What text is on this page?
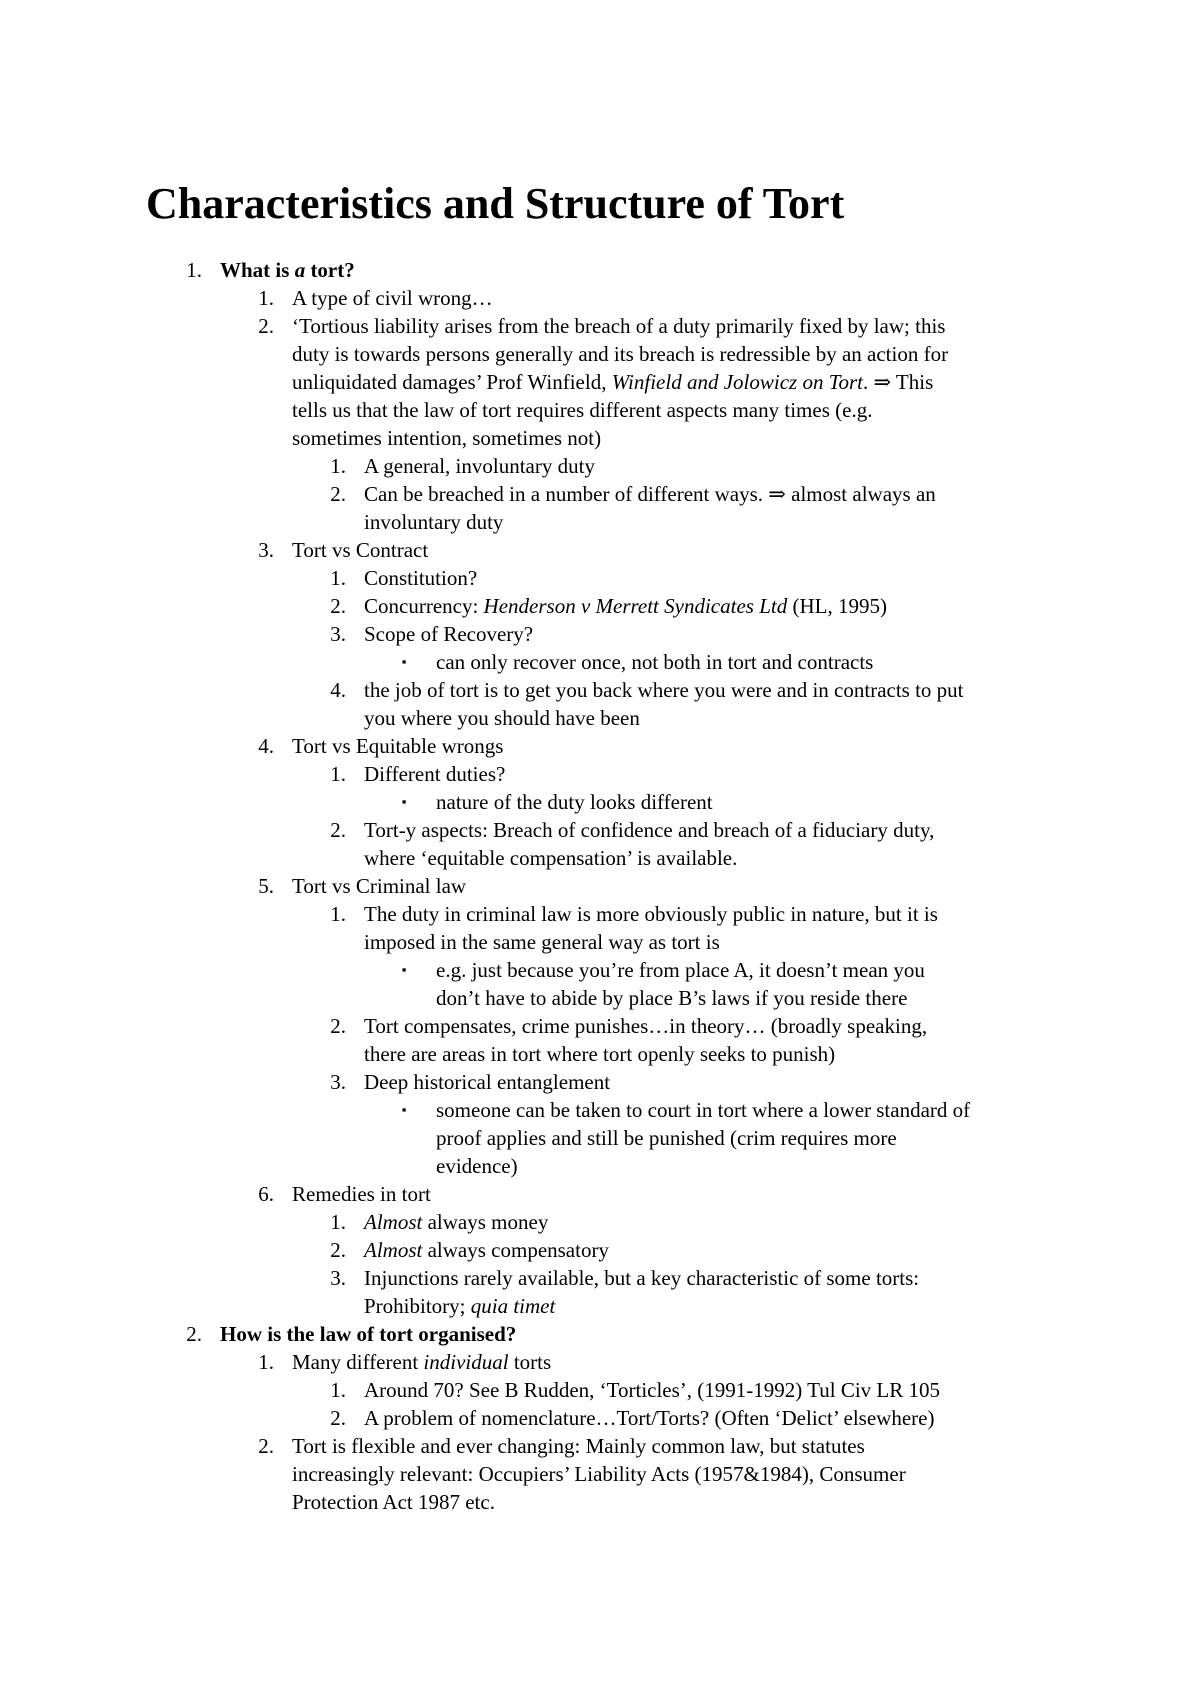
Characteristics and Structure of Tort
1. What is a tort?
1. A type of civil wrong…
2. ‘Tortious liability arises from the breach of a duty primarily fixed by law; this
duty is towards persons generally and its breach is redressible by an action for
unliquidated damages’ Prof Winfield, Winfield and Jolowicz on Tort. ⇒ This
tells us that the law of tort requires different aspects many times (e.g.
sometimes intention, sometimes not)
1. A general, involuntary duty
2. Can be breached in a number of different ways. ⇒ almost always an
involuntary duty
3. Tort vs Contract
1. Constitution?
2. Concurrency: Henderson v Merrett Syndicates Ltd (HL, 1995)
3. Scope of Recovery?
▪	can only recover once, not both in tort and contracts
4. the job of tort is to get you back where you were and in contracts to put
you where you should have been
4. Tort vs Equitable wrongs
1. Different duties?
▪	nature of the duty looks different
2. Tort-y aspects: Breach of confidence and breach of a fiduciary duty,
where ‘equitable compensation’ is available.
5. Tort vs Criminal law
1. The duty in criminal law is more obviously public in nature, but it is
imposed in the same general way as tort is
▪	e.g. just because you’re from place A, it doesn’t mean you
don’t have to abide by place B’s laws if you reside there
2. Tort compensates, crime punishes…in theory… (broadly speaking,
there are areas in tort where tort openly seeks to punish)
3. Deep historical entanglement
▪	someone can be taken to court in tort where a lower standard of
proof applies and still be punished (crim requires more
evidence)
6. Remedies in tort
1. Almost always money
2. Almost always compensatory
3. Injunctions rarely available, but a key characteristic of some torts:
Prohibitory; quia timet
2. How is the law of tort organised?
1. Many different individual torts
1. Around 70? See B Rudden, ‘Torticles’, (1991-1992) Tul Civ LR 105
2. A problem of nomenclature…Tort/Torts? (Often ‘Delict’ elsewhere)
2. Tort is flexible and ever changing: Mainly common law, but statutes
increasingly relevant: Occupiers’ Liability Acts (1957&1984), Consumer
Protection Act 1987 etc.
